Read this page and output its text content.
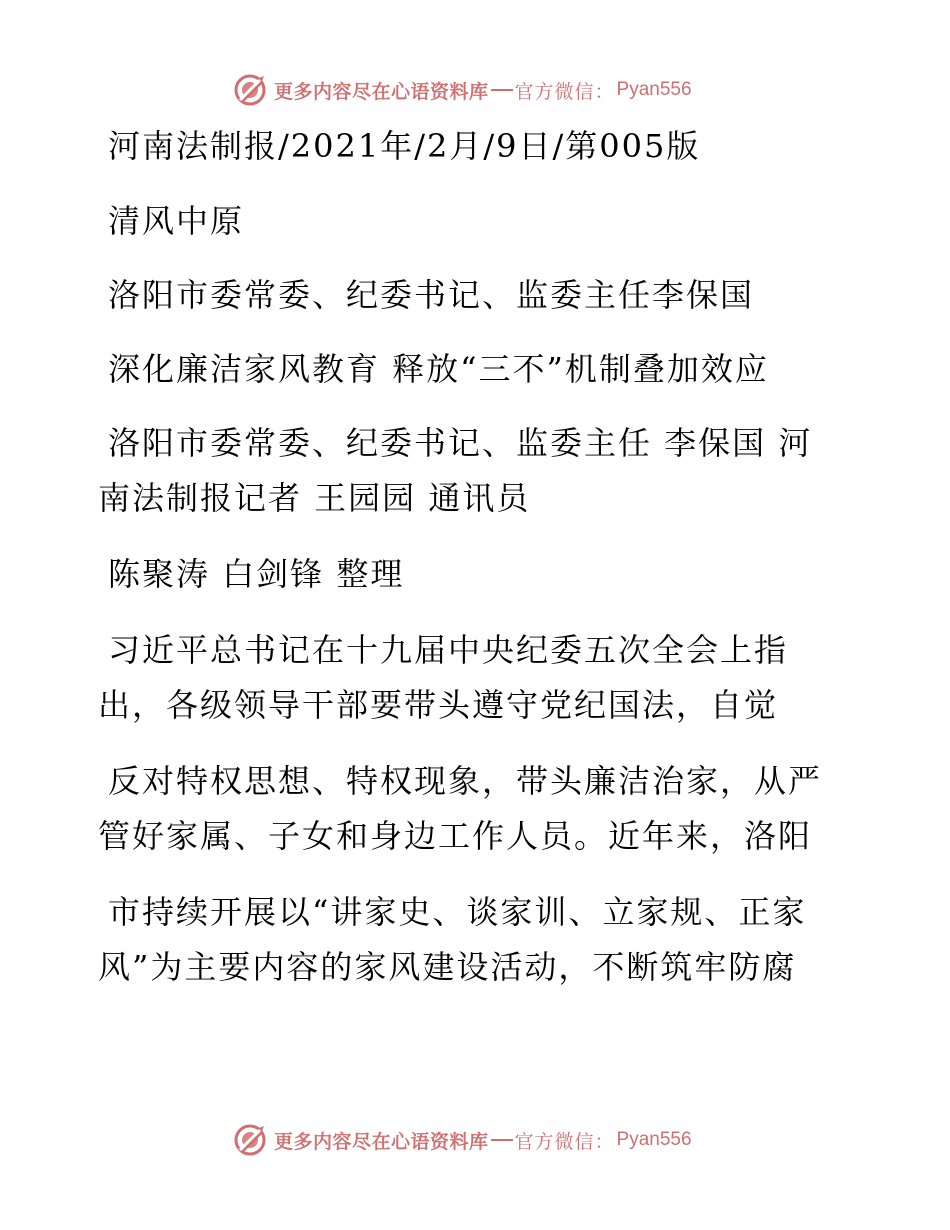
更多内容尽在心语资料库 官方微信： Pyan556
河南法制报/2021年/2月/9日/第005版
清风中原
洛阳市委常委、纪委书记、监委主任李保国
深化廉洁家风教育 释放“三不”机制叠加效应
洛阳市委常委、纪委书记、监委主任 李保国 河
南法制报记者 王园园 通讯员
陈聚涛 白剑锋 整理
习近平总书记在十九届中央纪委五次全会上指
出，各级领导干部要带头遵守党纪国法，自觉
反对特权思想、特权现象，带头廉洁治家，从严
管好家属、子女和身边工作人员。近年来，洛阳
市持续开展以“讲家史、谈家训、立家规、正家
风”为主要内容的家风建设活动，不断筑牢防腐
更多内容尽在心语资料库 官方微信： Pyan556
